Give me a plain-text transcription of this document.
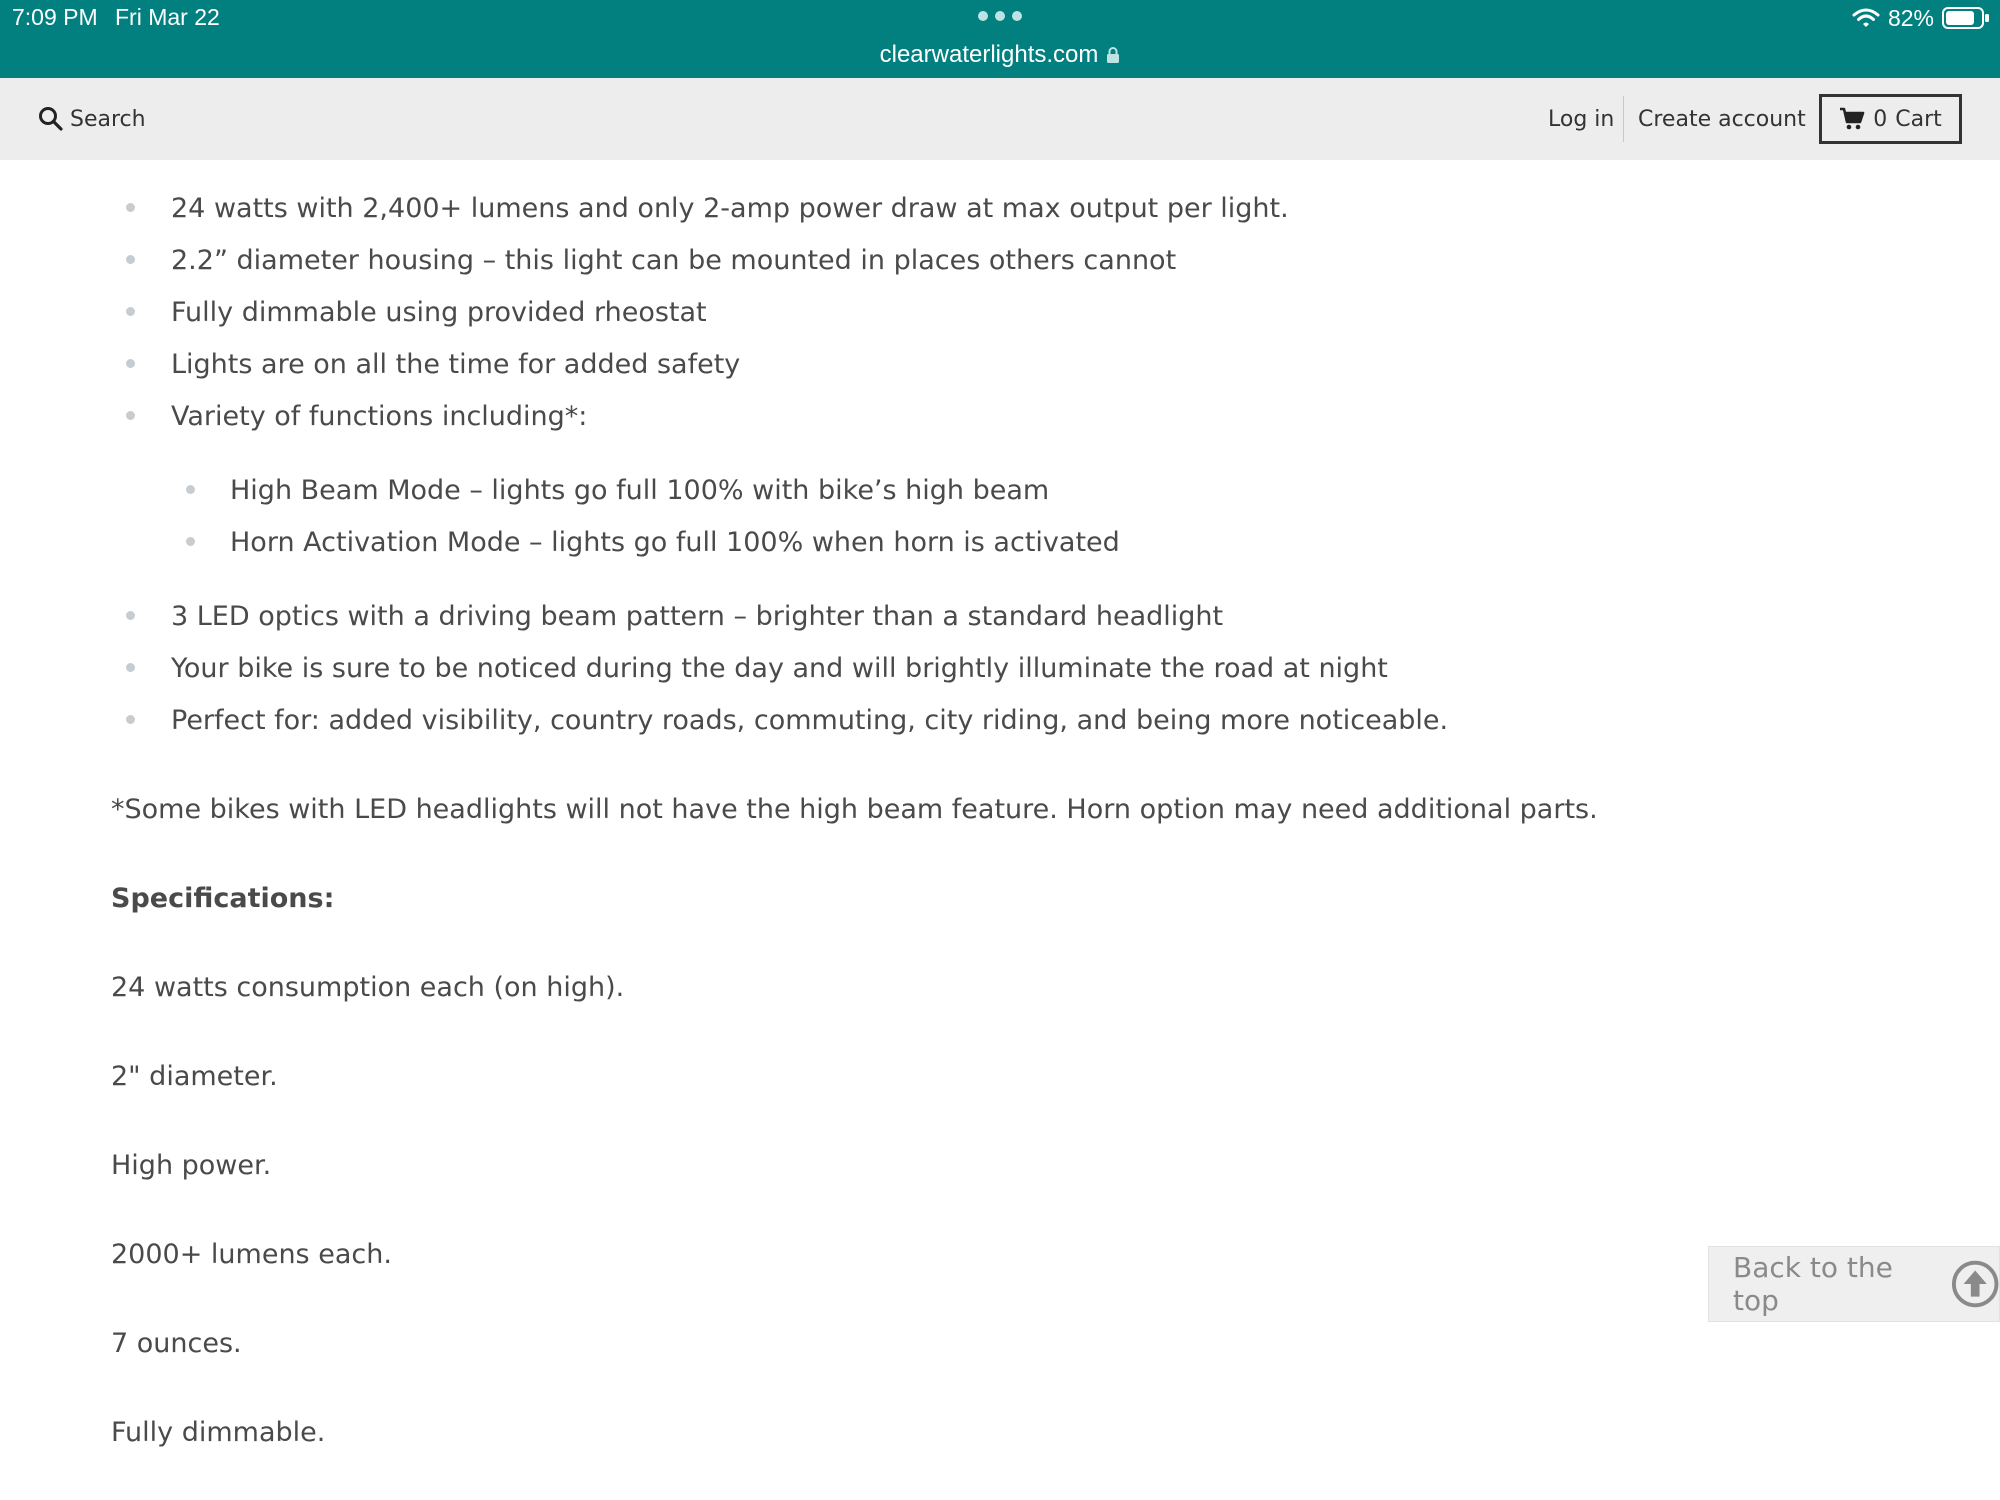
7:09 PM Fri Mar 22	82%
clearwaterlights.com
Search	Log in Create account	0 Cart
24 watts with 2,400+ lumens and only 2-amp power draw at max output per light.
2.2” diameter housing – this light can be mounted in places others cannot
Fully dimmable using provided rheostat
Lights are on all the time for added safety
Variety of functions including*:
High Beam Mode – lights go full 100% with bike’s high beam
Horn Activation Mode – lights go full 100% when horn is activated
3 LED optics with a driving beam pattern – brighter than a standard headlight
Your bike is sure to be noticed during the day and will brightly illuminate the road at night
Perfect for: added visibility, country roads, commuting, city riding, and being more noticeable.
*Some bikes with LED headlights will not have the high beam feature. Horn option may need additional parts.
Specifications:
24 watts consumption each (on high).
2" diameter.
High power.
2000+ lumens each.
7 ounces.
Fully dimmable.
Back to the top
